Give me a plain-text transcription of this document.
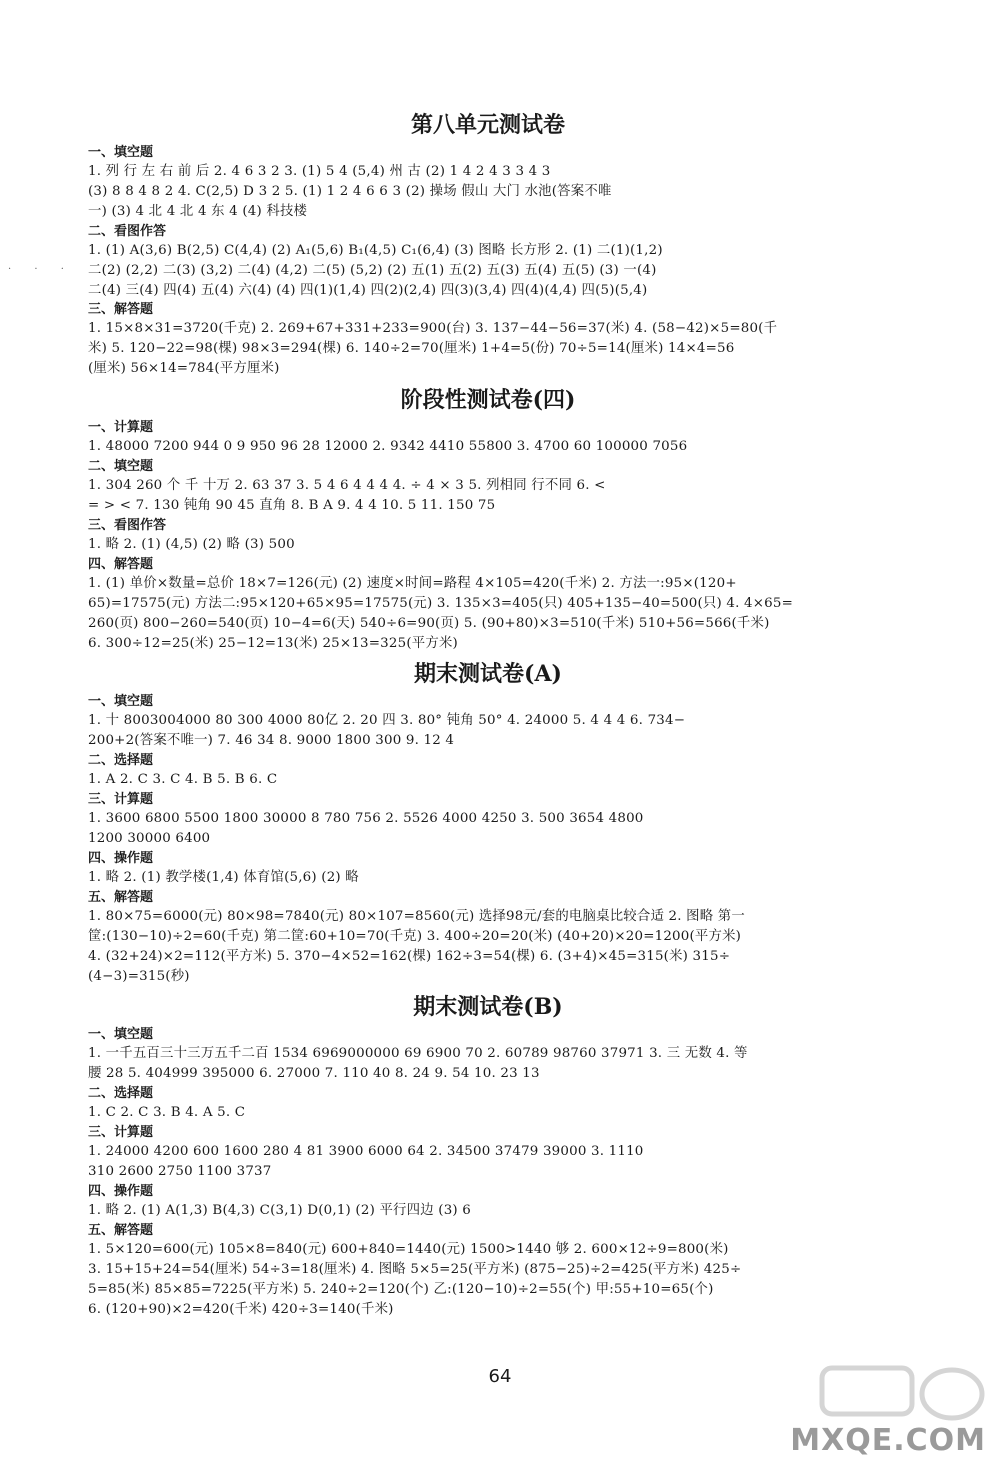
· · ·
第八单元测试卷
一、填空题
1. 列 行 左 右 前 后 2. 4 6 3 2 3. (1) 5 4 (5,4) 州 古 (2) 1 4 2 4 3 3 4 3
(3) 8 8 4 8 2 4. C(2,5) D 3 2 5. (1) 1 2 4 6 6 3 (2) 操场 假山 大门 水池(答案不唯
一) (3) 4 北 4 北 4 东 4 (4) 科技楼
二、看图作答
1. (1) A(3,6) B(2,5) C(4,4) (2) A₁(5,6) B₁(4,5) C₁(6,4) (3) 图略 长方形 2. (1) 二(1)(1,2)
二(2) (2,2) 二(3) (3,2) 二(4) (4,2) 二(5) (5,2) (2) 五(1) 五(2) 五(3) 五(4) 五(5) (3) 一(4)
二(4) 三(4) 四(4) 五(4) 六(4) (4) 四(1)(1,4) 四(2)(2,4) 四(3)(3,4) 四(4)(4,4) 四(5)(5,4)
三、解答题
1. 15×8×31=3720(千克) 2. 269+67+331+233=900(台) 3. 137−44−56=37(米) 4. (58−42)×5=80(千
米) 5. 120−22=98(棵) 98×3=294(棵) 6. 140÷2=70(厘米) 1+4=5(份) 70÷5=14(厘米) 14×4=56
(厘米) 56×14=784(平方厘米)
阶段性测试卷(四)
一、计算题
1. 48000 7200 944 0 9 950 96 28 12000 2. 9342 4410 55800 3. 4700 60 100000 7056
二、填空题
1. 304 260 个 千 十万 2. 63 37 3. 5 4 6 4 4 4 4. ÷ 4 × 3 5. 列相同 行不同 6. <
= > < 7. 130 钝角 90 45 直角 8. B A 9. 4 4 10. 5 11. 150 75
三、看图作答
1. 略 2. (1) (4,5) (2) 略 (3) 500
四、解答题
1. (1) 单价×数量=总价 18×7=126(元) (2) 速度×时间=路程 4×105=420(千米) 2. 方法一:95×(120+
65)=17575(元) 方法二:95×120+65×95=17575(元) 3. 135×3=405(只) 405+135−40=500(只) 4. 4×65=
260(页) 800−260=540(页) 10−4=6(天) 540÷6=90(页) 5. (90+80)×3=510(千米) 510+56=566(千米)
6. 300÷12=25(米) 25−12=13(米) 25×13=325(平方米)
期末测试卷(A)
一、填空题
1. 十 8003004000 80 300 4000 80亿 2. 20 四 3. 80° 钝角 50° 4. 24000 5. 4 4 4 6. 734−
200+2(答案不唯一) 7. 46 34 8. 9000 1800 300 9. 12 4
二、选择题
1. A 2. C 3. C 4. B 5. B 6. C
三、计算题
1. 3600 6800 5500 1800 30000 8 780 756 2. 5526 4000 4250 3. 500 3654 4800
1200 30000 6400
四、操作题
1. 略 2. (1) 教学楼(1,4) 体育馆(5,6) (2) 略
五、解答题
1. 80×75=6000(元) 80×98=7840(元) 80×107=8560(元) 选择98元/套的电脑桌比较合适 2. 图略 第一
筐:(130−10)÷2=60(千克) 第二筐:60+10=70(千克) 3. 400÷20=20(米) (40+20)×20=1200(平方米)
4. (32+24)×2=112(平方米) 5. 370−4×52=162(棵) 162÷3=54(棵) 6. (3+4)×45=315(米) 315÷
(4−3)=315(秒)
期末测试卷(B)
一、填空题
1. 一千五百三十三万五千二百 1534 6969000000 69 6900 70 2. 60789 98760 37971 3. 三 无数 4. 等
腰 28 5. 404999 395000 6. 27000 7. 110 40 8. 24 9. 54 10. 23 13
二、选择题
1. C 2. C 3. B 4. A 5. C
三、计算题
1. 24000 4200 600 1600 280 4 81 3900 6000 64 2. 34500 37479 39000 3. 1110
310 2600 2750 1100 3737
四、操作题
1. 略 2. (1) A(1,3) B(4,3) C(3,1) D(0,1) (2) 平行四边 (3) 6
五、解答题
1. 5×120=600(元) 105×8=840(元) 600+840=1440(元) 1500>1440 够 2. 600×12÷9=800(米)
3. 15+15+24=54(厘米) 54÷3=18(厘米) 4. 图略 5×5=25(平方米) (875−25)÷2=425(平方米) 425÷
5=85(米) 85×85=7225(平方米) 5. 240÷2=120(个) 乙:(120−10)÷2=55(个) 甲:55+10=65(个)
6. (120+90)×2=420(千米) 420÷3=140(千米)
64
MXQE.COM
